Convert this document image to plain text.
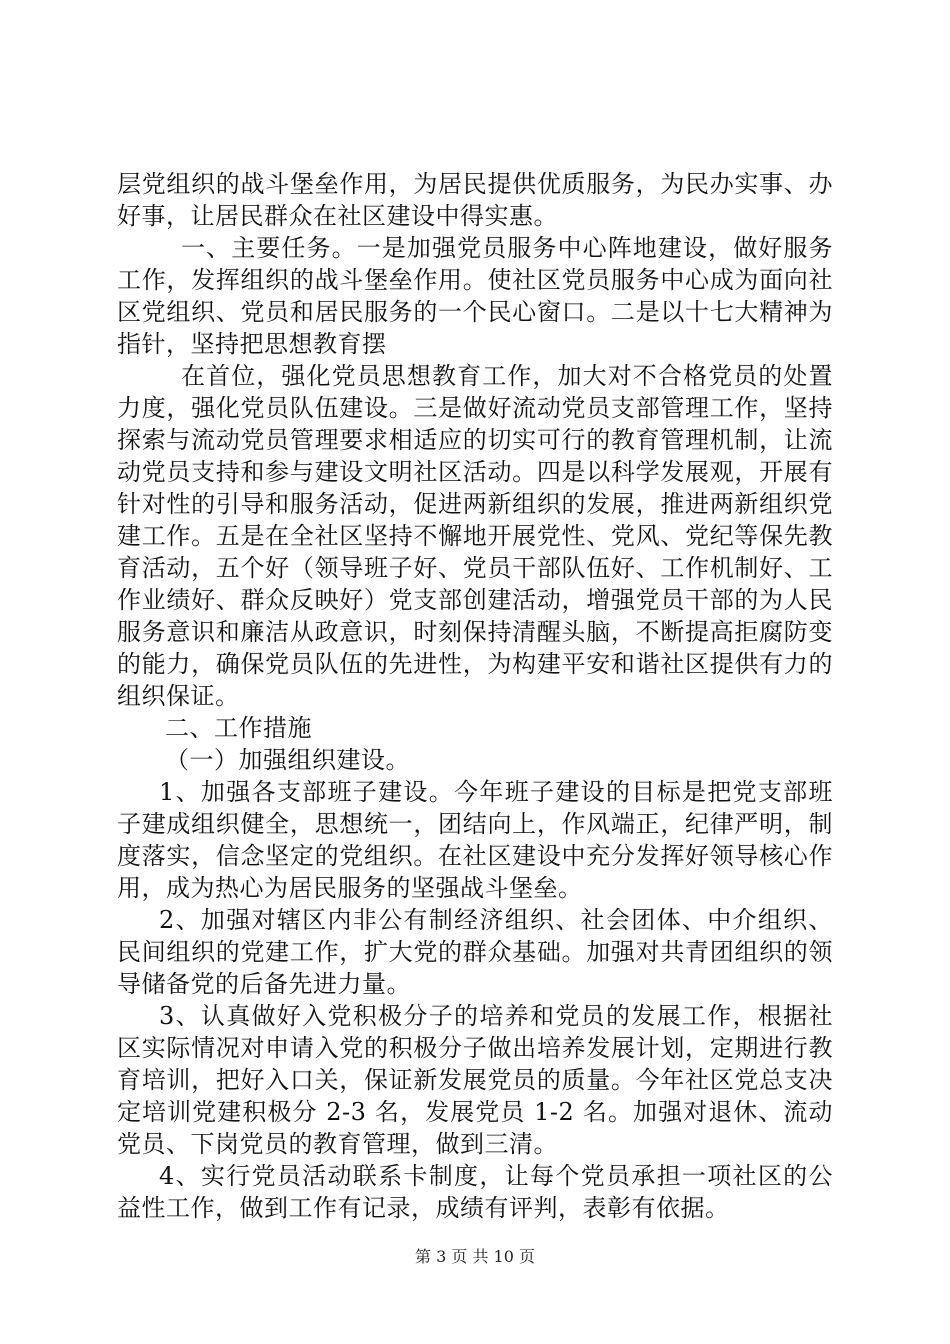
层党组织的战斗堡垒作用，为居民提供优质服务，为民办实事、办好事，让居民群众在社区建设中得实惠。

一、主要任务。一是加强党员服务中心阵地建设，做好服务工作，发挥组织的战斗堡垒作用。使社区党员服务中心成为面向社区党组织、党员和居民服务的一个民心窗口。二是以十七大精神为指针，坚持把思想教育摆

在首位，强化党员思想教育工作，加大对不合格党员的处置力度，强化党员队伍建设。三是做好流动党员支部管理工作，坚持探索与流动党员管理要求相适应的切实可行的教育管理机制，让流动党员支持和参与建设文明社区活动。四是以科学发展观，开展有针对性的引导和服务活动，促进两新组织的发展，推进两新组织党建工作。五是在全社区坚持不懈地开展党性、党风、党纪等保先教育活动，五个好（领导班子好、党员干部队伍好、工作机制好、工作业绩好、群众反映好）党支部创建活动，增强党员干部的为人民服务意识和廉洁从政意识，时刻保持清醒头脑，不断提高拒腐防变的能力，确保党员队伍的先进性，为构建平安和谐社区提供有力的组织保证。

二、工作措施

（一）加强组织建设。

1、加强各支部班子建设。今年班子建设的目标是把党支部班子建成组织健全，思想统一，团结向上，作风端正，纪律严明，制度落实，信念坚定的党组织。在社区建设中充分发挥好领导核心作用，成为热心为居民服务的坚强战斗堡垒。

2、加强对辖区内非公有制经济组织、社会团体、中介组织、民间组织的党建工作，扩大党的群众基础。加强对共青团组织的领导储备党的后备先进力量。

3、认真做好入党积极分子的培养和党员的发展工作，根据社区实际情况对申请入党的积极分子做出培养发展计划，定期进行教育培训，把好入口关，保证新发展党员的质量。今年社区党总支决定培训党建积极分 2-3 名，发展党员 1-2 名。加强对退休、流动党员、下岗党员的教育管理，做到三清。

4、实行党员活动联系卡制度，让每个党员承担一项社区的公益性工作，做到工作有记录，成绩有评判，表彰有依据。

第 3 页 共 10 页
